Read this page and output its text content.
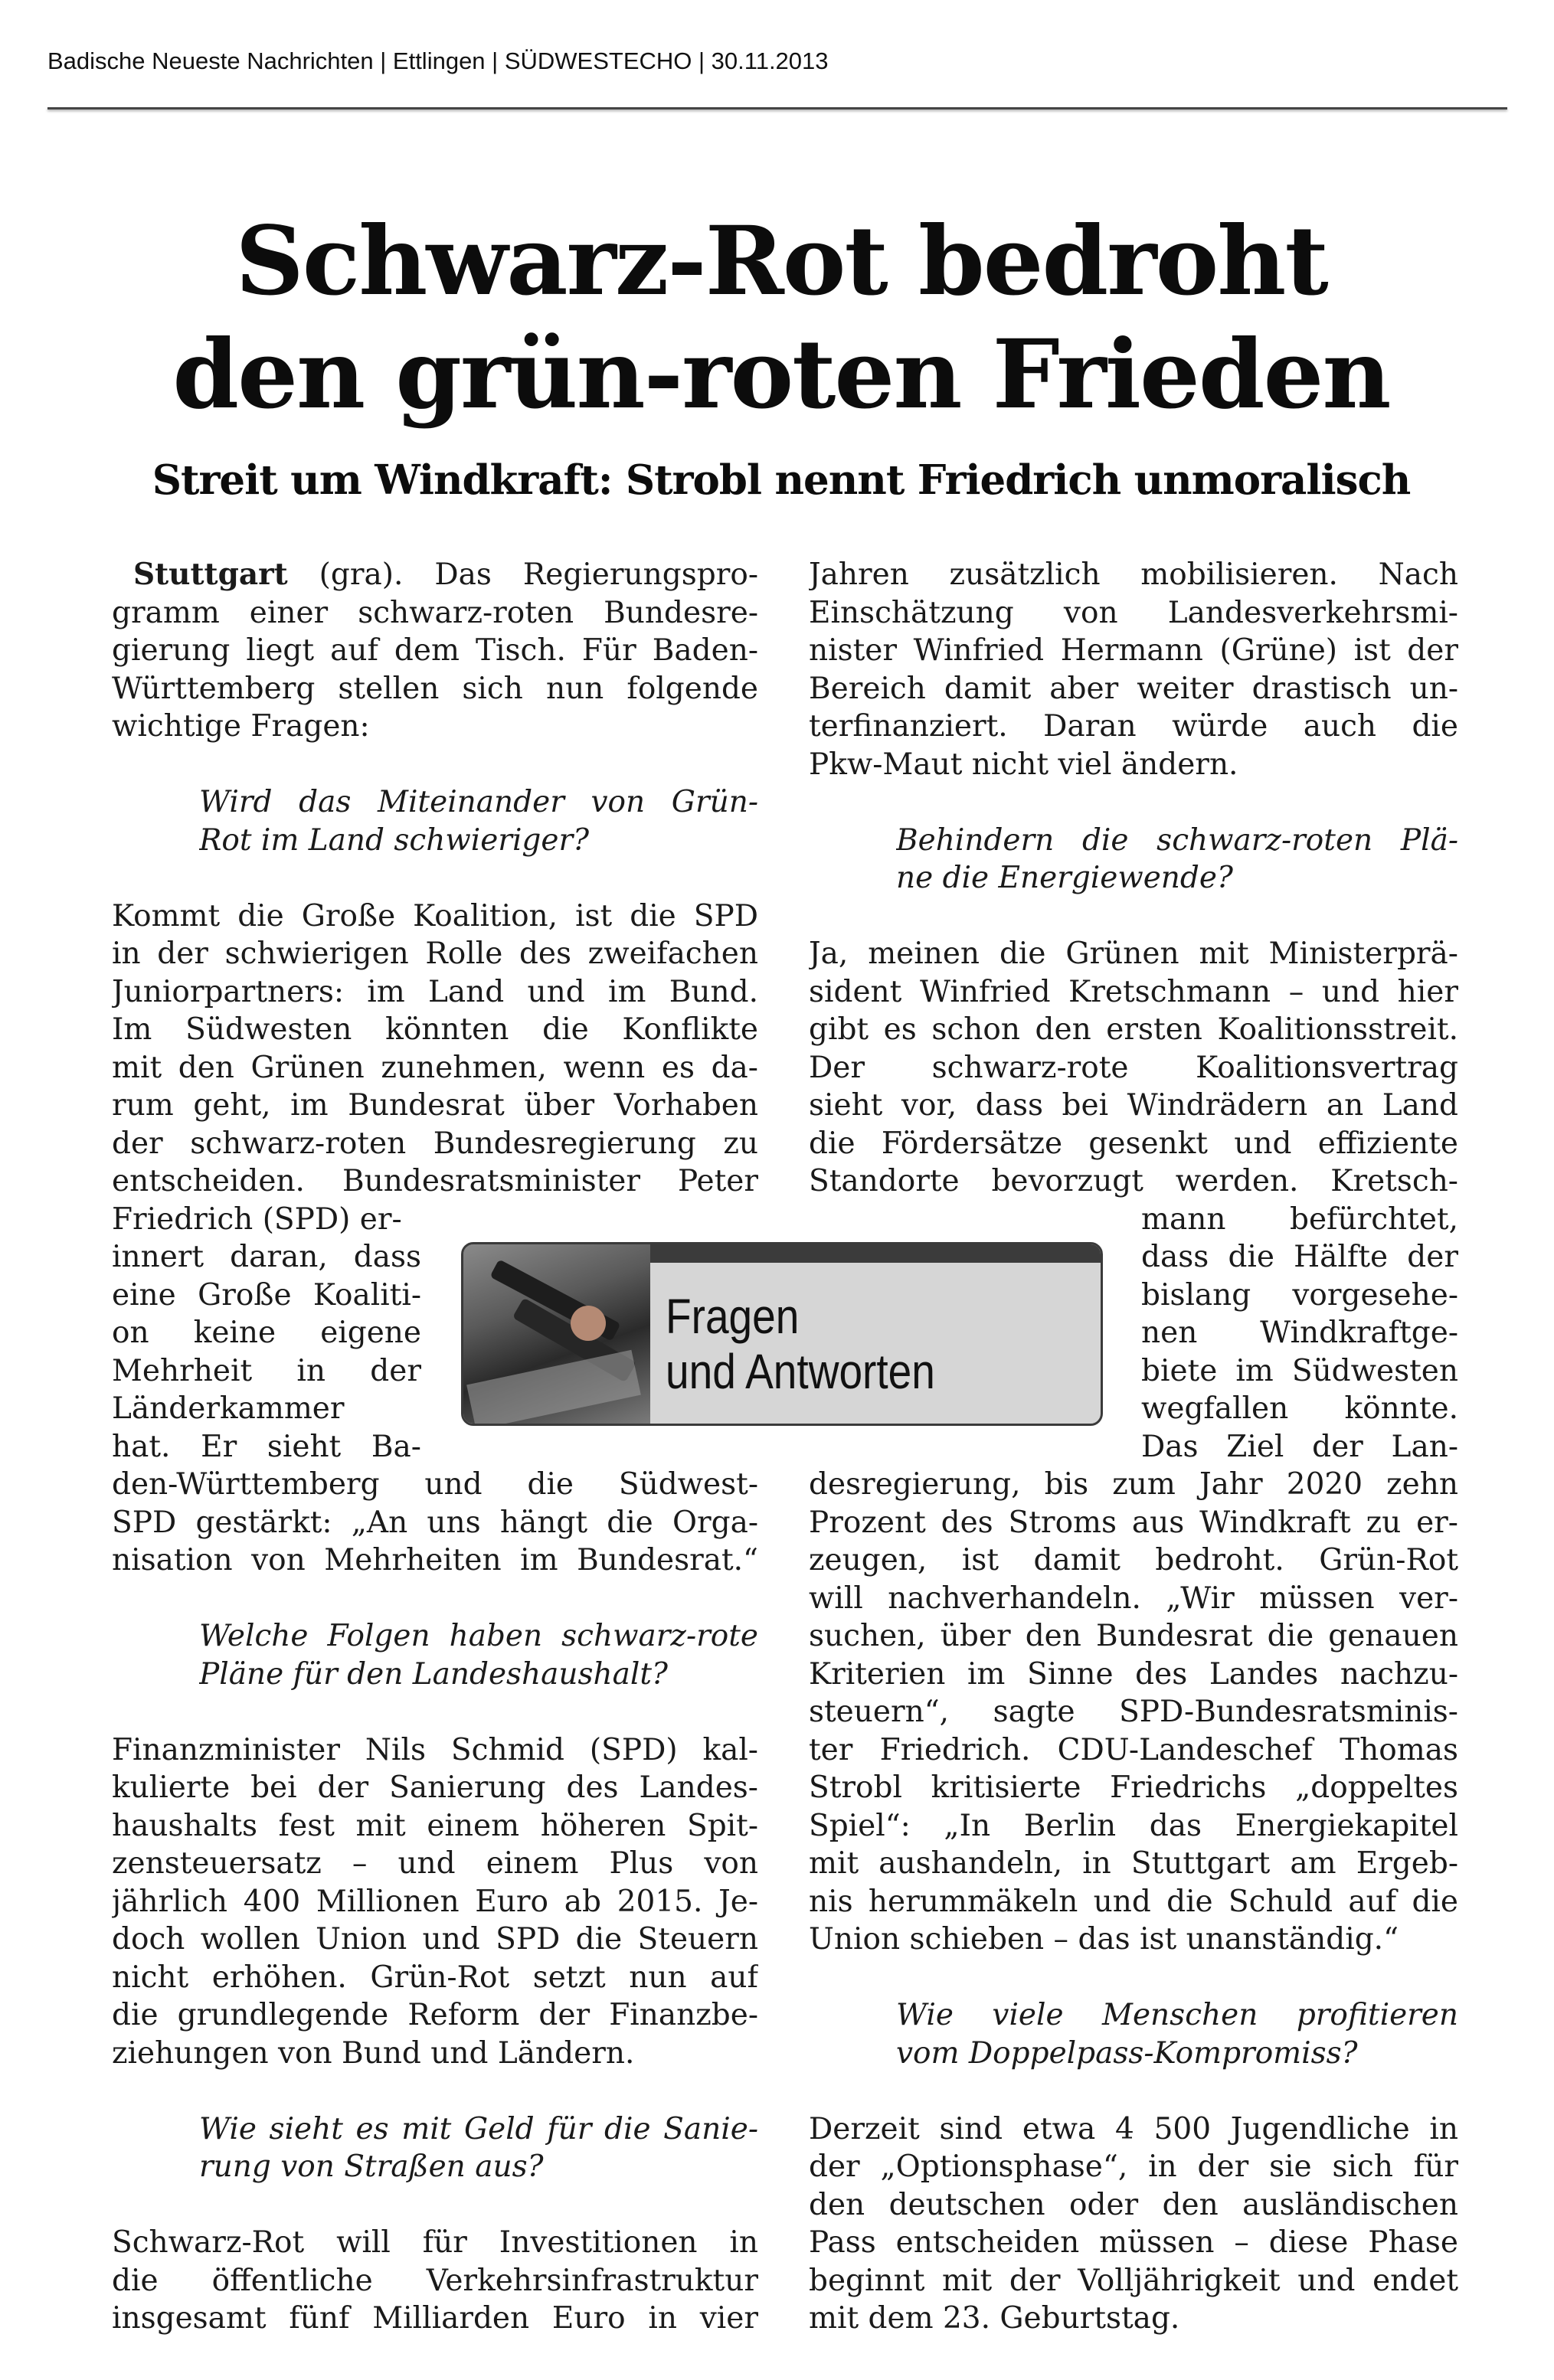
Badische Neueste Nachrichten | Ettlingen | SÜDWESTECHO | 30.11.2013
Schwarz-Rot bedroht
den grün-roten Frieden
Streit um Windkraft: Strobl nennt Friedrich unmoralisch

Stuttgart (gra). Das Regierungspro-
gramm einer schwarz-roten Bundesre-
gierung liegt auf dem Tisch. Für Baden-
Württemberg stellen sich nun folgende
wichtige Fragen:

Wird das Miteinander von Grün-
Rot im Land schwieriger?

Kommt die Große Koalition, ist die SPD
in der schwierigen Rolle des zweifachen
Juniorpartners: im Land und im Bund.
Im Südwesten könnten die Konflikte
mit den Grünen zunehmen, wenn es da-
rum geht, im Bundesrat über Vorhaben
der schwarz-roten Bundesregierung zu
entscheiden. Bundesratsminister Peter
Friedrich (SPD) er-
innert daran, dass
eine Große Koaliti-
on keine eigene
Mehrheit in der
Länderkammer
hat. Er sieht Ba-
den-Württemberg und die Südwest-
SPD gestärkt: „An uns hängt die Orga-
nisation von Mehrheiten im Bundesrat.“

Welche Folgen haben schwarz-rote
Pläne für den Landeshaushalt?

Finanzminister Nils Schmid (SPD) kal-
kulierte bei der Sanierung des Landes-
haushalts fest mit einem höheren Spit-
zensteuersatz – und einem Plus von
jährlich 400 Millionen Euro ab 2015. Je-
doch wollen Union und SPD die Steuern
nicht erhöhen. Grün-Rot setzt nun auf
die grundlegende Reform der Finanzbe-
ziehungen von Bund und Ländern.

Wie sieht es mit Geld für die Sanie-
rung von Straßen aus?

Schwarz-Rot will für Investitionen in
die öffentliche Verkehrsinfrastruktur
insgesamt fünf Milliarden Euro in vier

Jahren zusätzlich mobilisieren. Nach
Einschätzung von Landesverkehrsmi-
nister Winfried Hermann (Grüne) ist der
Bereich damit aber weiter drastisch un-
terfinanziert. Daran würde auch die
Pkw-Maut nicht viel ändern.

Behindern die schwarz-roten Plä-
ne die Energiewende?

Ja, meinen die Grünen mit Ministerprä-
sident Winfried Kretschmann – und hier
gibt es schon den ersten Koalitionsstreit.
Der schwarz-rote Koalitionsvertrag
sieht vor, dass bei Windrädern an Land
die Fördersätze gesenkt und effiziente
Standorte bevorzugt werden. Kretsch-
mann befürchtet,
dass die Hälfte der
bislang vorgesehe-
nen Windkraftge-
biete im Südwesten
wegfallen könnte.
Das Ziel der Lan-
desregierung, bis zum Jahr 2020 zehn
Prozent des Stroms aus Windkraft zu er-
zeugen, ist damit bedroht. Grün-Rot
will nachverhandeln. „Wir müssen ver-
suchen, über den Bundesrat die genauen
Kriterien im Sinne des Landes nachzu-
steuern“, sagte SPD-Bundesratsminis-
ter Friedrich. CDU-Landeschef Thomas
Strobl kritisierte Friedrichs „doppeltes
Spiel“: „In Berlin das Energiekapitel
mit aushandeln, in Stuttgart am Ergeb-
nis herummäkeln und die Schuld auf die
Union schieben – das ist unanständig.“

Wie viele Menschen profitieren
vom Doppelpass-Kompromiss?

Derzeit sind etwa 4 500 Jugendliche in
der „Optionsphase“, in der sie sich für
den deutschen oder den ausländischen
Pass entscheiden müssen – diese Phase
beginnt mit der Volljährigkeit und endet
mit dem 23. Geburtstag.

Fragen
und Antworten
